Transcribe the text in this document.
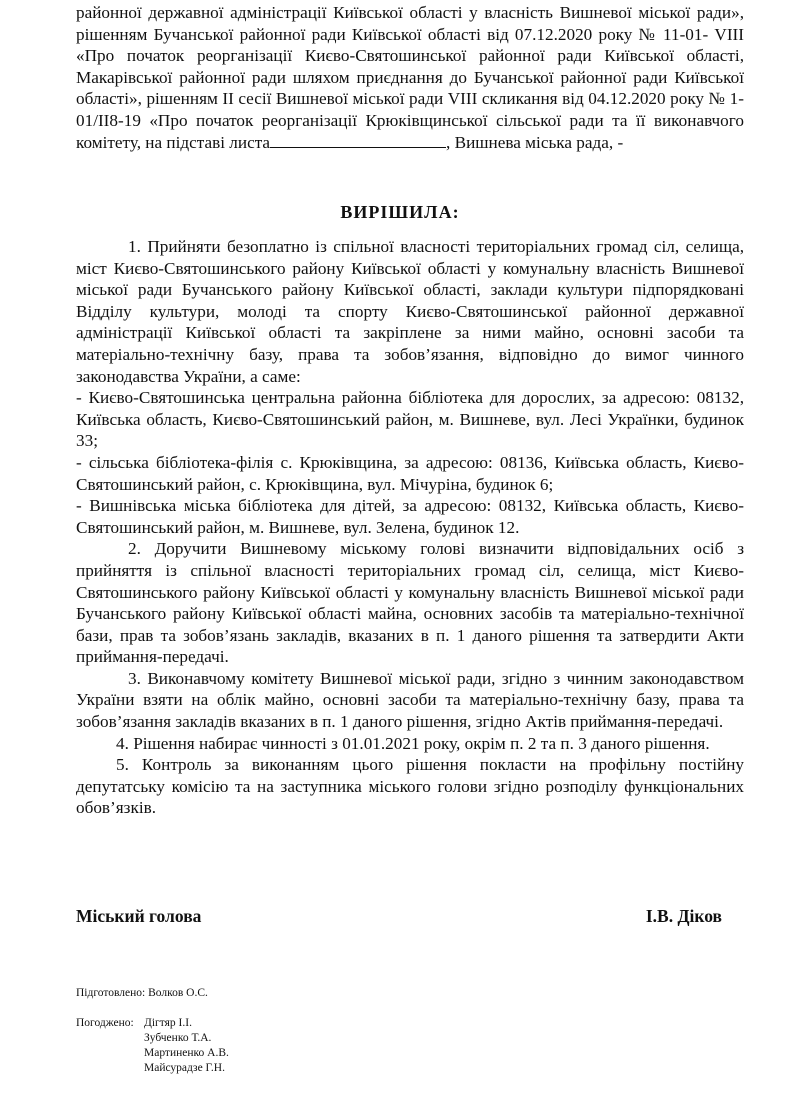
районної державної адміністрації Київської області у власність Вишневої міської ради», рішенням Бучанської районної ради Київської області від 07.12.2020 року № 11-01- VIII «Про початок реорганізації Києво-Святошинської районної ради Київської області, Макарівської районної ради шляхом приєднання до Бучанської районної ради Київської області», рішенням ІІ сесії Вишневої міської ради VIII скликання від 04.12.2020 року № 1-01/ІІ8-19 «Про початок реорганізації Крюківщинської сільської ради та її виконавчого комітету, на підставі листа	, Вишнева міська рада, -

ВИРІШИЛА:

1. Прийняти безоплатно із спільної власності територіальних громад сіл, селища, міст Києво-Святошинського району Київської області у комунальну власність Вишневої міської ради Бучанського району Київської області, заклади культури підпорядковані Відділу культури, молоді та спорту Києво-Святошинської районної державної адміністрації Київської області та закріплене за ними майно, основні засоби та матеріально-технічну базу, права та зобов’язання, відповідно до вимог чинного законодавства України, а саме:

- Києво-Святошинська центральна районна бібліотека для дорослих, за адресою: 08132, Київська область, Києво-Святошинський район, м. Вишневе, вул. Лесі Українки, будинок 33;

- сільська бібліотека-філія с. Крюківщина, за адресою: 08136, Київська область, Києво-Святошинський район, с. Крюківщина, вул. Мічуріна, будинок 6;

- Вишнівська міська бібліотека для дітей, за адресою: 08132, Київська область, Києво-Святошинський район, м. Вишневе, вул. Зелена, будинок 12.

2. Доручити Вишневому міському голові визначити відповідальних осіб з прийняття із спільної власності територіальних громад сіл, селища, міст Києво-Святошинського району Київської області у комунальну власність Вишневої міської ради Бучанського району Київської області майна, основних засобів та матеріально-технічної бази, прав та зобов’язань закладів, вказаних в п. 1 даного рішення та затвердити Акти приймання-передачі.

3. Виконавчому комітету Вишневої міської ради, згідно з чинним законодавством України взяти на облік майно, основні засоби та матеріально-технічну базу, права та зобов’язання закладів вказаних в п. 1 даного рішення, згідно Актів приймання-передачі.

4. Рішення набирає чинності з 01.01.2021 року, окрім п. 2 та п. 3 даного рішення.

5. Контроль за виконанням цього рішення покласти на профільну постійну депутатську комісію та на заступника міського голови згідно розподілу функціональних обов’язків.

Міський голова	І.В. Діков
Підготовлено: Волков О.С.
Погоджено: Дігтяр І.І.
Зубченко Т.А.
Мартиненко А.В.
Майсурадзе Г.Н.
